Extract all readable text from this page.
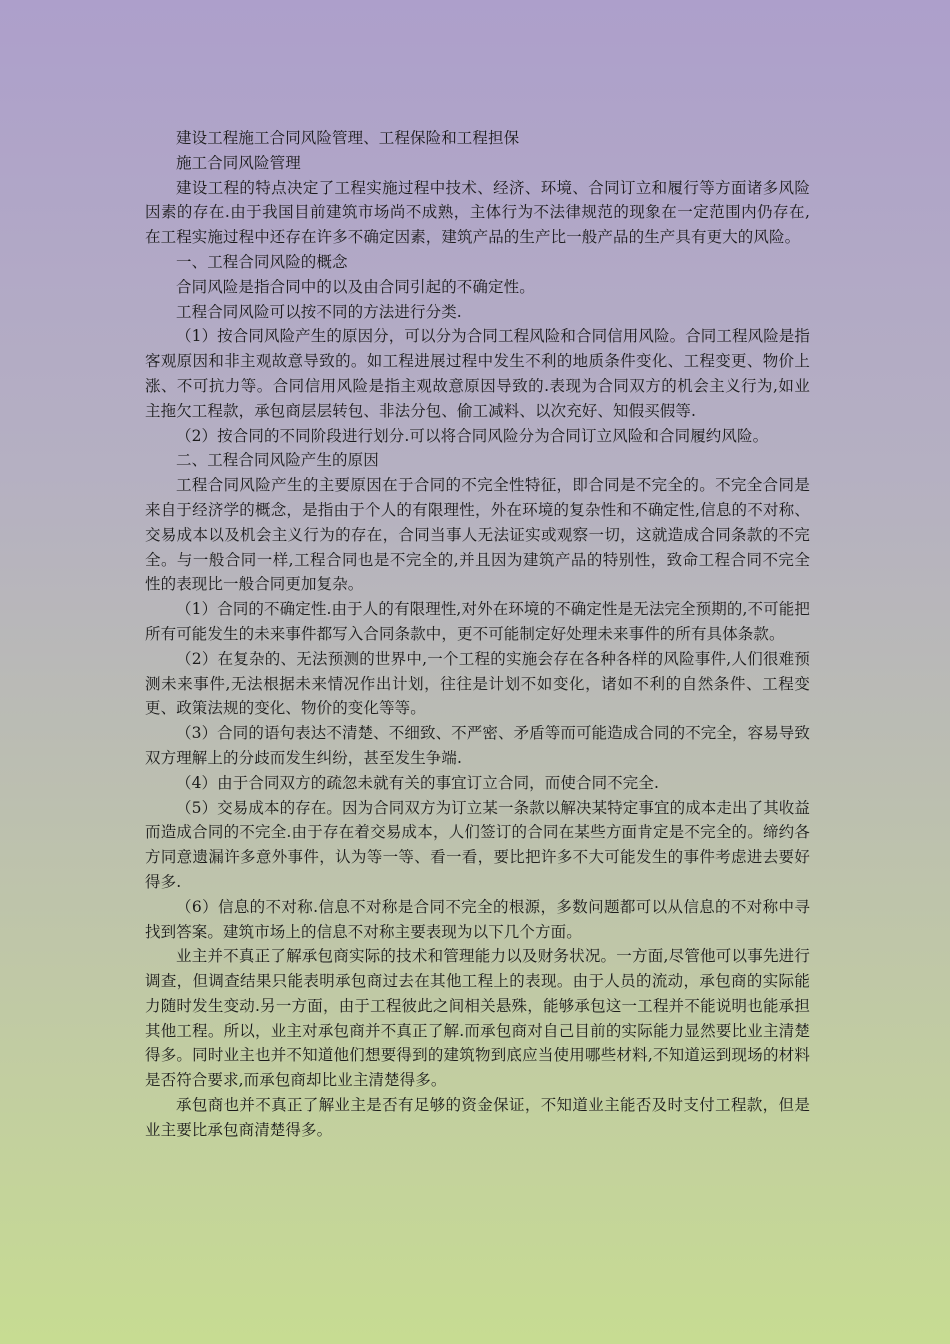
建设工程施工合同风险管理、工程保险和工程担保

施工合同风险管理

建设工程的特点决定了工程实施过程中技术、经济、环境、合同订立和履行等方面诸多风险因素的存在.由于我国目前建筑市场尚不成熟，主体行为不法律规范的现象在一定范围内仍存在,在工程实施过程中还存在许多不确定因素，建筑产品的生产比一般产品的生产具有更大的风险。

一、工程合同风险的概念

合同风险是指合同中的以及由合同引起的不确定性。

工程合同风险可以按不同的方法进行分类.

（1）按合同风险产生的原因分，可以分为合同工程风险和合同信用风险。合同工程风险是指客观原因和非主观故意导致的。如工程进展过程中发生不利的地质条件变化、工程变更、物价上涨、不可抗力等。合同信用风险是指主观故意原因导致的.表现为合同双方的机会主义行为,如业主拖欠工程款，承包商层层转包、非法分包、偷工减料、以次充好、知假买假等.

（2）按合同的不同阶段进行划分.可以将合同风险分为合同订立风险和合同履约风险。

二、工程合同风险产生的原因

工程合同风险产生的主要原因在于合同的不完全性特征，即合同是不完全的。不完全合同是来自于经济学的概念，是指由于个人的有限理性，外在环境的复杂性和不确定性,信息的不对称、交易成本以及机会主义行为的存在，合同当事人无法证实或观察一切，这就造成合同条款的不完全。与一般合同一样,工程合同也是不完全的,并且因为建筑产品的特别性，致命工程合同不完全性的表现比一般合同更加复杂。

（1）合同的不确定性.由于人的有限理性,对外在环境的不确定性是无法完全预期的,不可能把所有可能发生的未来事件都写入合同条款中，更不可能制定好处理未来事件的所有具体条款。

（2）在复杂的、无法预测的世界中,一个工程的实施会存在各种各样的风险事件,人们很难预测未来事件,无法根据未来情况作出计划，往往是计划不如变化，诸如不利的自然条件、工程变更、政策法规的变化、物价的变化等等。

（3）合同的语句表达不清楚、不细致、不严密、矛盾等而可能造成合同的不完全，容易导致双方理解上的分歧而发生纠纷，甚至发生争端.

（4）由于合同双方的疏忽未就有关的事宜订立合同，而使合同不完全.

（5）交易成本的存在。因为合同双方为订立某一条款以解决某特定事宜的成本走出了其收益而造成合同的不完全.由于存在着交易成本，人们签订的合同在某些方面肯定是不完全的。缔约各方同意遗漏许多意外事件，认为等一等、看一看，要比把许多不大可能发生的事件考虑进去要好得多.

（6）信息的不对称.信息不对称是合同不完全的根源，多数问题都可以从信息的不对称中寻找到答案。建筑市场上的信息不对称主要表现为以下几个方面。

业主并不真正了解承包商实际的技术和管理能力以及财务状况。一方面,尽管他可以事先进行调查，但调查结果只能表明承包商过去在其他工程上的表现。由于人员的流动，承包商的实际能力随时发生变动.另一方面，由于工程彼此之间相关悬殊，能够承包这一工程并不能说明也能承担其他工程。所以，业主对承包商并不真正了解.而承包商对自己目前的实际能力显然要比业主清楚得多。同时业主也并不知道他们想要得到的建筑物到底应当使用哪些材料,不知道运到现场的材料是否符合要求,而承包商却比业主清楚得多。

承包商也并不真正了解业主是否有足够的资金保证，不知道业主能否及时支付工程款，但是业主要比承包商清楚得多。
